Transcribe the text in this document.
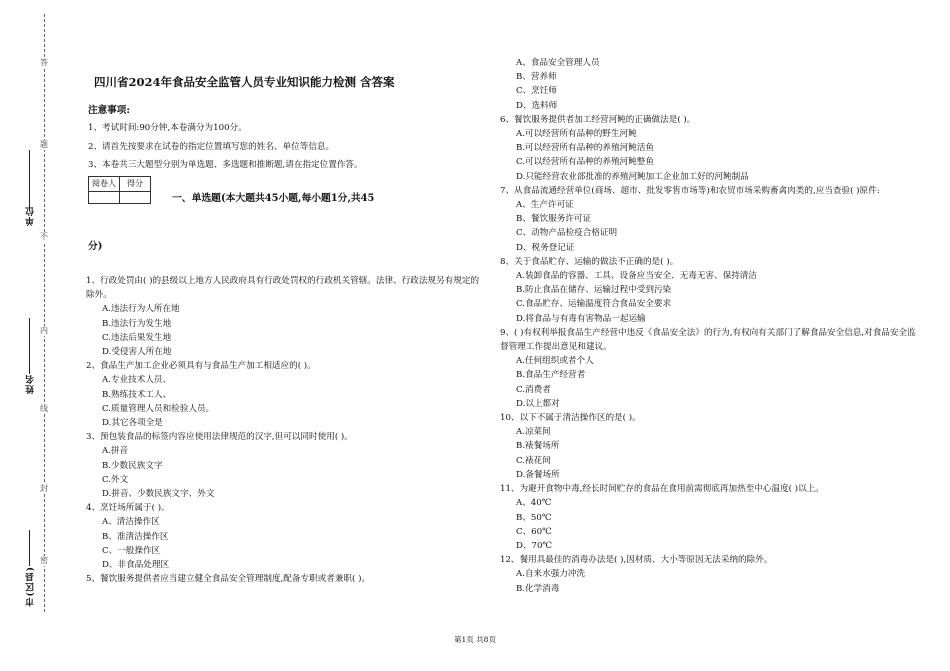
答
题
不
内
线
封
密
单位
姓名
市(区县)
四川省2024年食品安全监管人员专业知识能力检测 含答案
注意事项:
1、考试时间:90分钟,本卷满分为100分。
2、请首先按要求在试卷的指定位置填写您的姓名、单位等信息。
3、本卷共三大题型分别为单选题、多选题和推断题,请在指定位置作答。
阅卷人	得分

一、单选题(本大题共45小题,每小题1分,共45
分)
1、行政处罚由( )的县级以上地方人民政府具有行政处罚权的行政机关管辖。法律、行政法规另有规定的除外。
A.违法行为人所在地
B.违法行为发生地
C.违法后果发生地
D.受侵害人所在地
2、食品生产加工企业必须具有与食品生产加工相适应的( )。
A.专业技术人员、
B.熟练技术工人、
C.质量管理人员和检验人员。
D.其它各项全是
3、预包装食品的标签内容应使用法律规范的汉字,但可以同时使用( )。
A.拼音
B.少数民族文字
C.外文
D.拼音、少数民族文字、外文
4、烹饪场所属于( )。
A、清洁操作区
B、准清洁操作区
C、一般操作区
D、非食品处理区
5、餐饮服务提供者应当建立健全食品安全管理制度,配备专职或者兼职( )。
A、食品安全管理人员
B、营养师
C、烹饪师
D、选料师
6、餐饮服务提供者加工经营河鲀的正确做法是( )。
A.可以经营所有品种的野生河鲀
B.可以经营所有品种的养殖河鲀活鱼
C.可以经营所有品种的养殖河鲀整鱼
D.只能经营农业部批准的养殖河鲀加工企业加工好的河鲀制品
7、从食品流通经营单位(商场、超市、批发零售市场等)和农贸市场采购畜禽肉类的,应当查验( )原件:
A、生产许可证
B、餐饮服务许可证
C、动物产品检疫合格证明
D、税务登记证
8、关于食品贮存、运输的做法不正确的是( )。
A.装卸食品的容器、工具、设备应当安全、无毒无害、保持清洁
B.防止食品在储存、运输过程中受到污染
C.食品贮存、运输温度符合食品安全要求
D.将食品与有毒有害物品一起运输
9、( )有权利举报食品生产经营中违反《食品安全法》的行为,有权向有关部门了解食品安全信息,对食品安全监督管理工作提出意见和建议。
A.任何组织或者个人
B.食品生产经营者
C.消费者
D.以上都对
10、以下不属于清洁操作区的是( )。
A.凉菜间
B.裱餐场所
C.裱花间
D.备餐场所
11、为避开食物中毒,经长时间贮存的食品在食用前需彻底再加热至中心温度( )以上。
A、40℃
B、50℃
C、60℃
D、70℃
12、餐用具最佳的消毒办法是( ),因材质、大小等原因无法采纳的除外。
A.自来水强力冲洗
B.化学消毒
第1页 共8页
